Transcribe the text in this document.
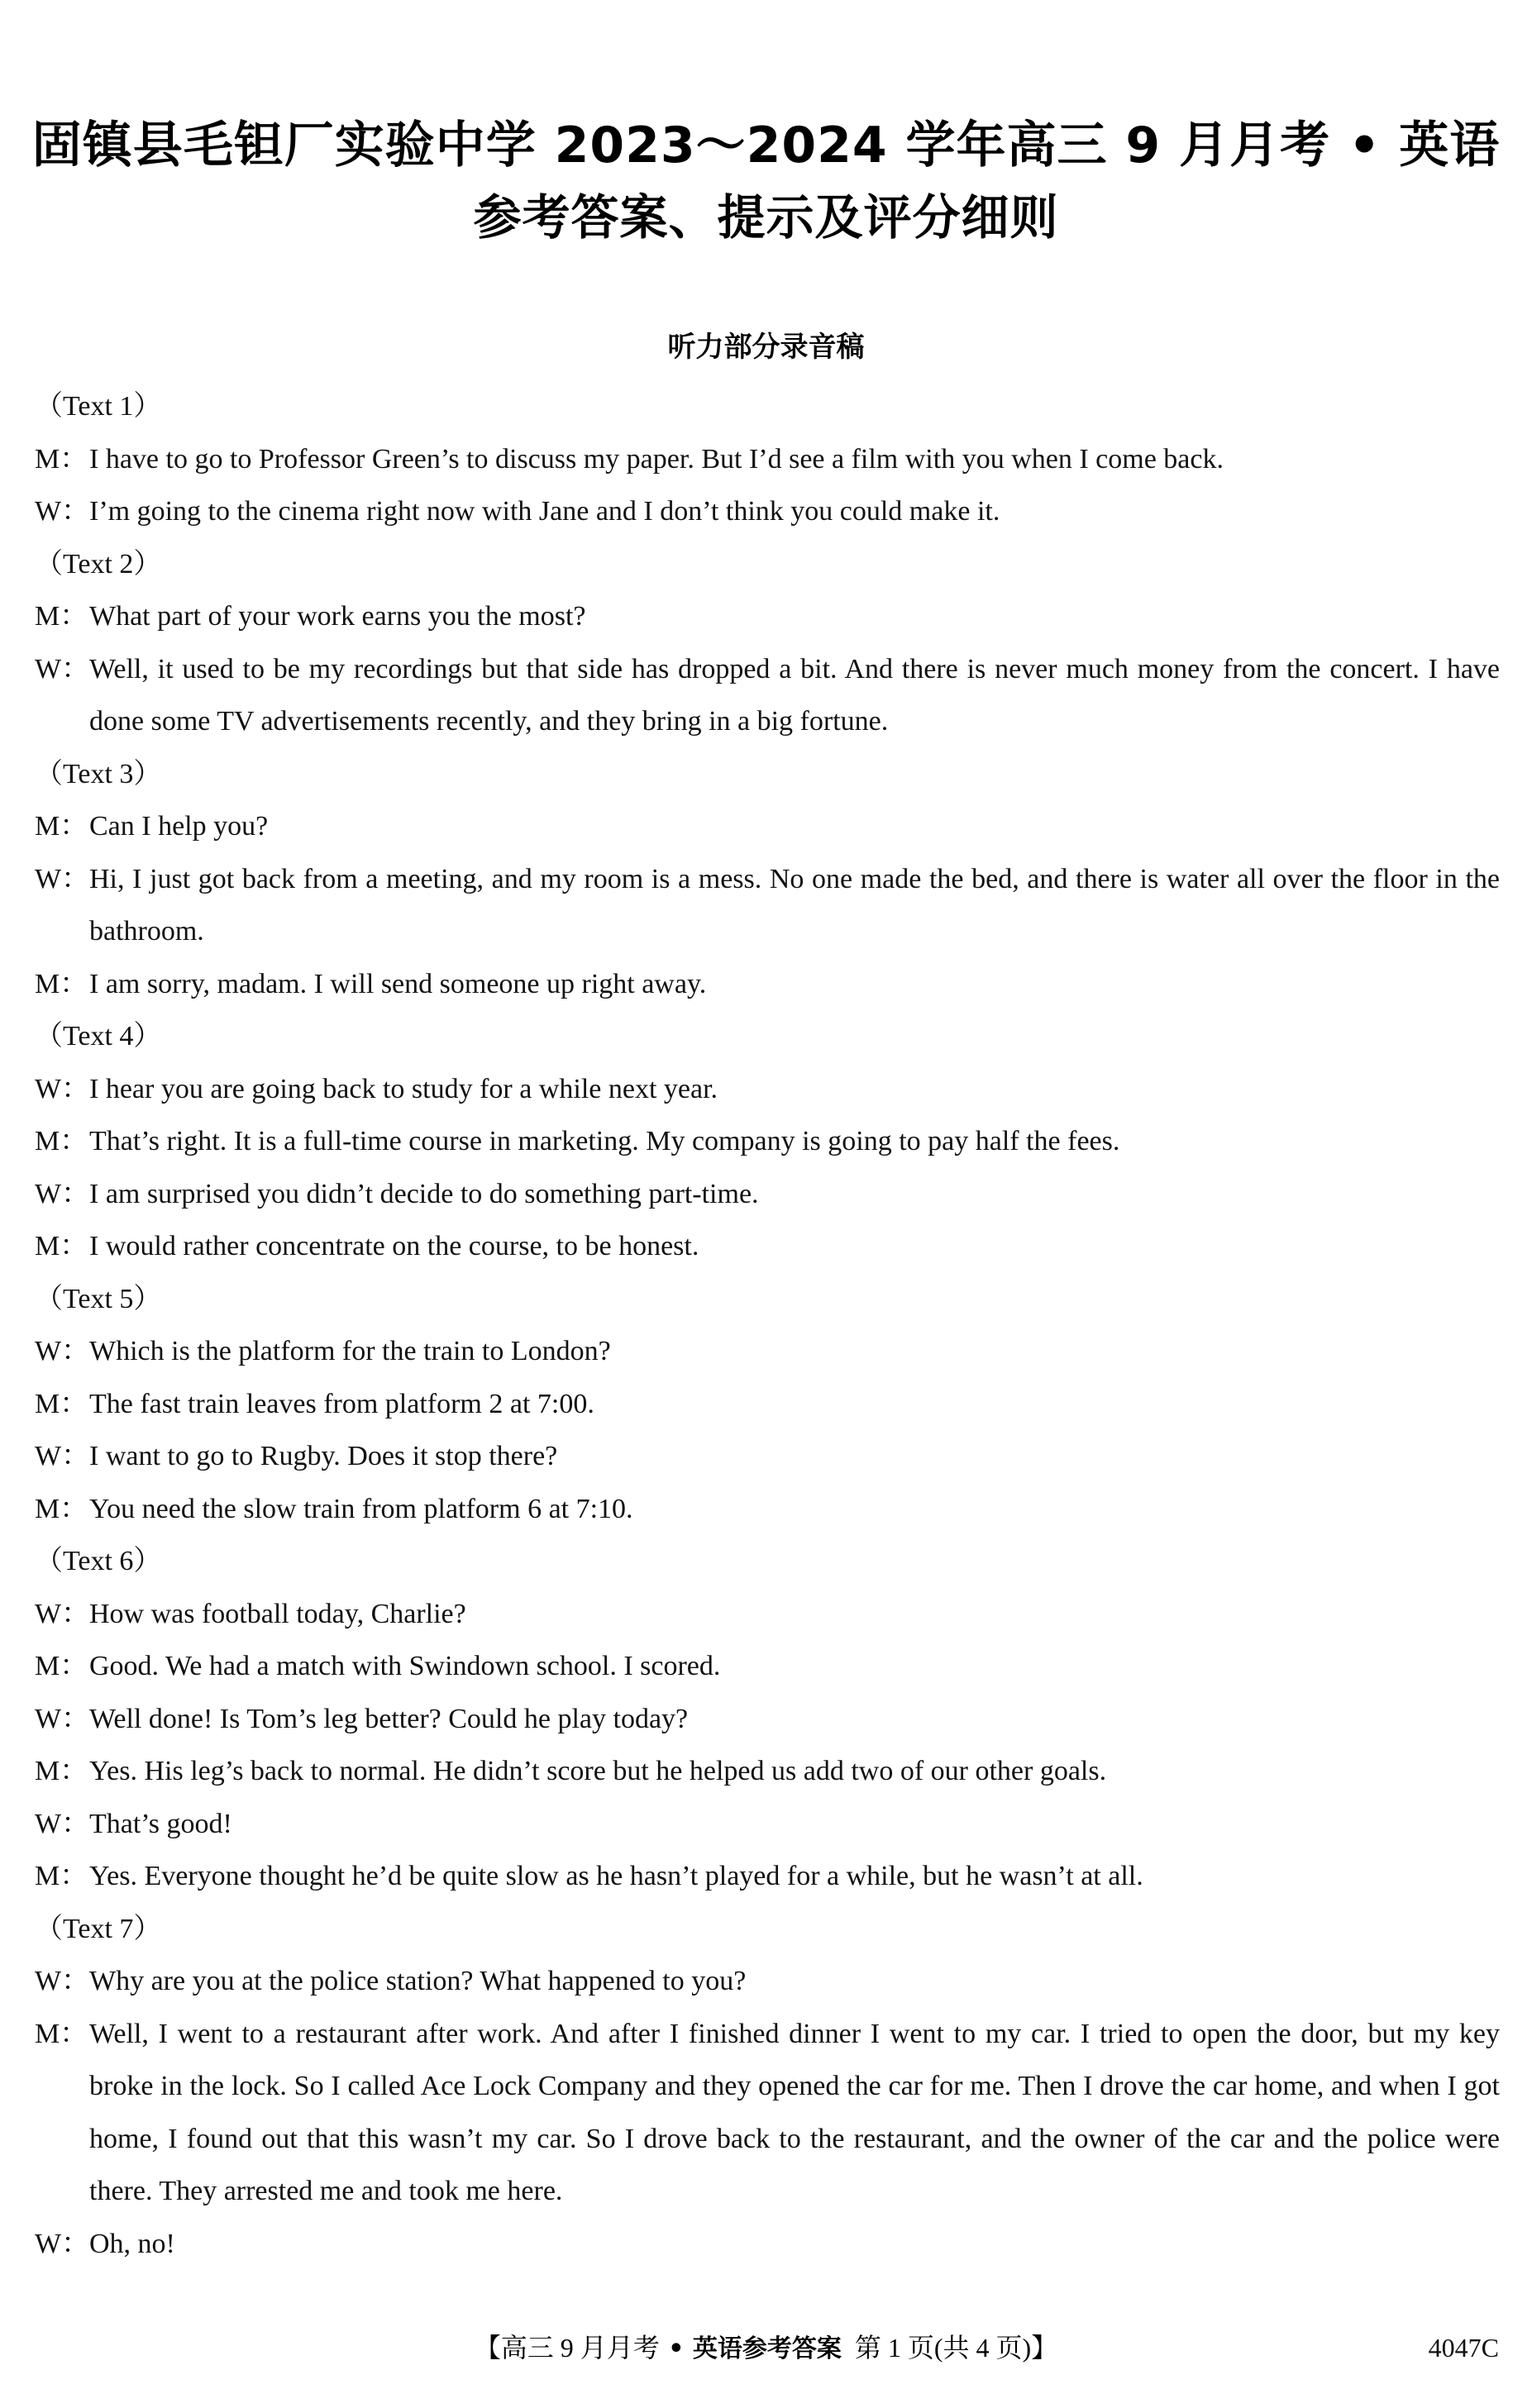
固镇县毛钽厂实验中学 2023～2024 学年高三 9 月月考 • 英语
参考答案、提示及评分细则
听力部分录音稿
（Text 1）
M： I have to go to Professor Green’s to discuss my paper. But I’d see a film with you when I come back.
W： I’m going to the cinema right now with Jane and I don’t think you could make it.
（Text 2）
M： What part of your work earns you the most?
W： Well, it used to be my recordings but that side has dropped a bit. And there is never much money from the concert. I have done some TV advertisements recently, and they bring in a big fortune.
（Text 3）
M： Can I help you?
W： Hi, I just got back from a meeting, and my room is a mess. No one made the bed, and there is water all over the floor in the bathroom.
M： I am sorry, madam. I will send someone up right away.
（Text 4）
W： I hear you are going back to study for a while next year.
M： That’s right. It is a full-time course in marketing. My company is going to pay half the fees.
W： I am surprised you didn’t decide to do something part-time.
M： I would rather concentrate on the course, to be honest.
（Text 5）
W： Which is the platform for the train to London?
M： The fast train leaves from platform 2 at 7:00.
W： I want to go to Rugby. Does it stop there?
M： You need the slow train from platform 6 at 7:10.
（Text 6）
W： How was football today, Charlie?
M： Good. We had a match with Swindown school. I scored.
W： Well done! Is Tom’s leg better? Could he play today?
M： Yes. His leg’s back to normal. He didn’t score but he helped us add two of our other goals.
W： That’s good!
M： Yes. Everyone thought he’d be quite slow as he hasn’t played for a while, but he wasn’t at all.
（Text 7）
W： Why are you at the police station? What happened to you?
M： Well, I went to a restaurant after work. And after I finished dinner I went to my car. I tried to open the door, but my key broke in the lock. So I called Ace Lock Company and they opened the car for me. Then I drove the car home, and when I got home, I found out that this wasn’t my car. So I drove back to the restaurant, and the owner of the car and the police were there. They arrested me and took me here.
W： Oh, no!
【高三 9 月月考 • 英语参考答案 第 1 页(共 4 页)】	4047C
